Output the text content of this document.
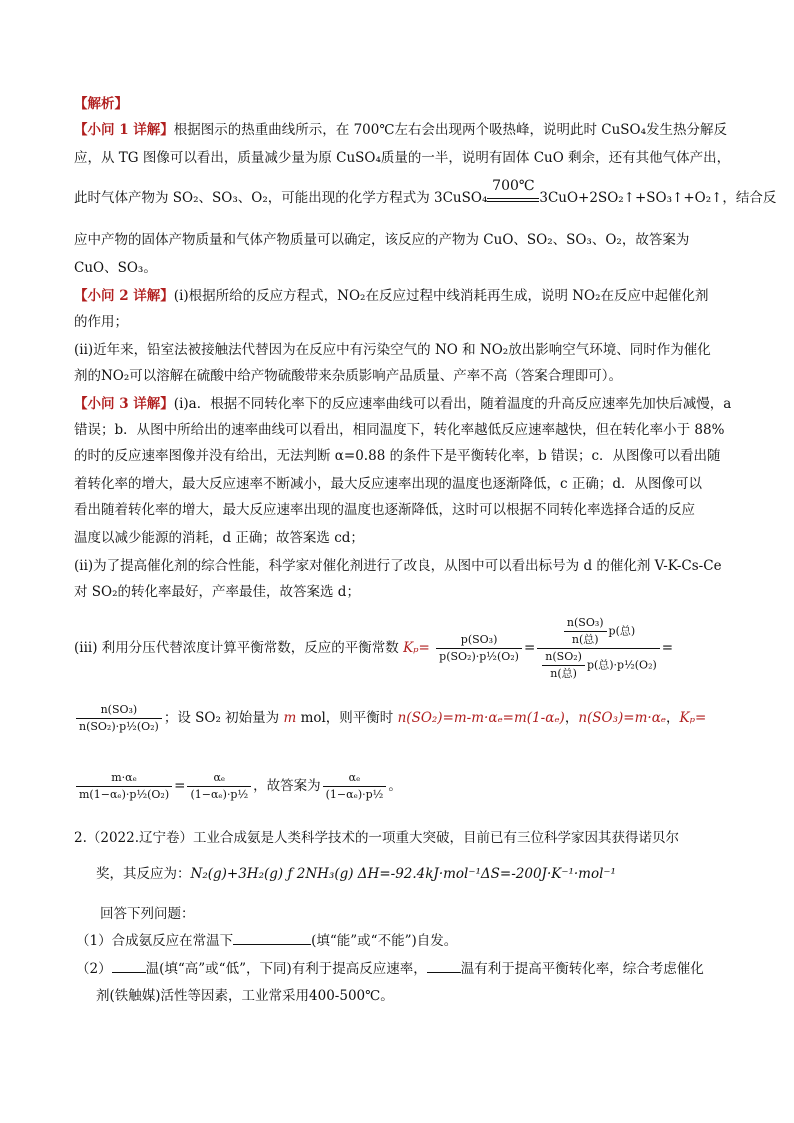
【解析】
【小问 1 详解】根据图示的热重曲线所示，在 700℃左右会出现两个吸热峰，说明此时 CuSO₄发生热分解反
应，从 TG 图像可以看出，质量减少量为原 CuSO₄质量的一半，说明有固体 CuO 剩余，还有其他气体产出，
此时气体产物为 SO₂、SO₃、O₂，可能出现的化学方程式为 3CuSO₄
700℃
3CuO+2SO₂↑+SO₃↑+O₂↑，结合反
应中产物的固体产物质量和气体产物质量可以确定，该反应的产物为 CuO、SO₂、SO₃、O₂，故答案为
CuO、SO₃。
【小问 2 详解】(i)根据所给的反应方程式，NO₂在反应过程中线消耗再生成，说明 NO₂在反应中起催化剂
的作用；
(ii)近年来，铅室法被接触法代替因为在反应中有污染空气的 NO 和 NO₂放出影响空气环境、同时作为催化
剂的NO₂可以溶解在硫酸中给产物硫酸带来杂质影响产品质量、产率不高（答案合理即可）。
【小问 3 详解】(i)a．根据不同转化率下的反应速率曲线可以看出，随着温度的升高反应速率先加快后减慢，a
错误；b．从图中所给出的速率曲线可以看出，相同温度下，转化率越低反应速率越快，但在转化率小于 88%
的时的反应速率图像并没有给出，无法判断 α=0.88 的条件下是平衡转化率，b 错误；c．从图像可以看出随
着转化率的增大，最大反应速率不断减小，最大反应速率出现的温度也逐渐降低，c 正确；d．从图像可以
看出随着转化率的增大，最大反应速率出现的温度也逐渐降低，这时可以根据不同转化率选择合适的反应
温度以减少能源的消耗，d 正确；故答案选 cd；
(ii)为了提高催化剂的综合性能，科学家对催化剂进行了改良，从图中可以看出标号为 d 的催化剂 V-K-Cs-Ce
对 SO₂的转化率最好，产率最佳，故答案选 d；
(iii) 利用分压代替浓度计算平衡常数，反应的平衡常数 $K_p= \frac{\text{p(SO₃)}}{\text{p(SO₂)·p½(O₂)}} = \frac{\frac{\text{n(SO₃)}}{\text{n(总)}} p(总)}{\frac{\text{n(SO₂)}}{\text{n(总)}} p(总)\cdot p\frac{1}{2}(O_2)}$ =
$\frac{\text{n(SO₃)}}{\text{n(SO₂)·p½(O₂)}}$ ；设 SO₂ 初始量为 m mol，则平衡时 n(SO₂)=m-m·αₑ=m(1-αₑ)，n(SO₃)=m·αₑ，Kₚ=
$\frac{\text{m·αₑ}}{\text{m(1−αₑ)·p½(O₂)}} = \frac{\text{αₑ}}{\text{(1−αₑ)·p½}}$ ，故答案为 $\frac{\text{αₑ}}{\text{(1−αₑ)·p½}}$ 。
2.（2022.辽宁卷）工业合成氨是人类科学技术的一项重大突破，目前已有三位科学家因其获得诺贝尔
奖，其反应为：N₂(g)+3H₂(g) ƒ 2NH₃(g) ΔH=-92.4kJ·mol⁻¹ΔS=-200J·K⁻¹·mol⁻¹
回答下列问题：
（1）合成氨反应在常温下	(填“能”或“不能”)自发。
（2）	温(填“高”或“低”，下同)有利于提高反应速率，	温有利于提高平衡转化率，综合考虑催化
剂(铁触媒)活性等因素，工业常采用400-500℃。
